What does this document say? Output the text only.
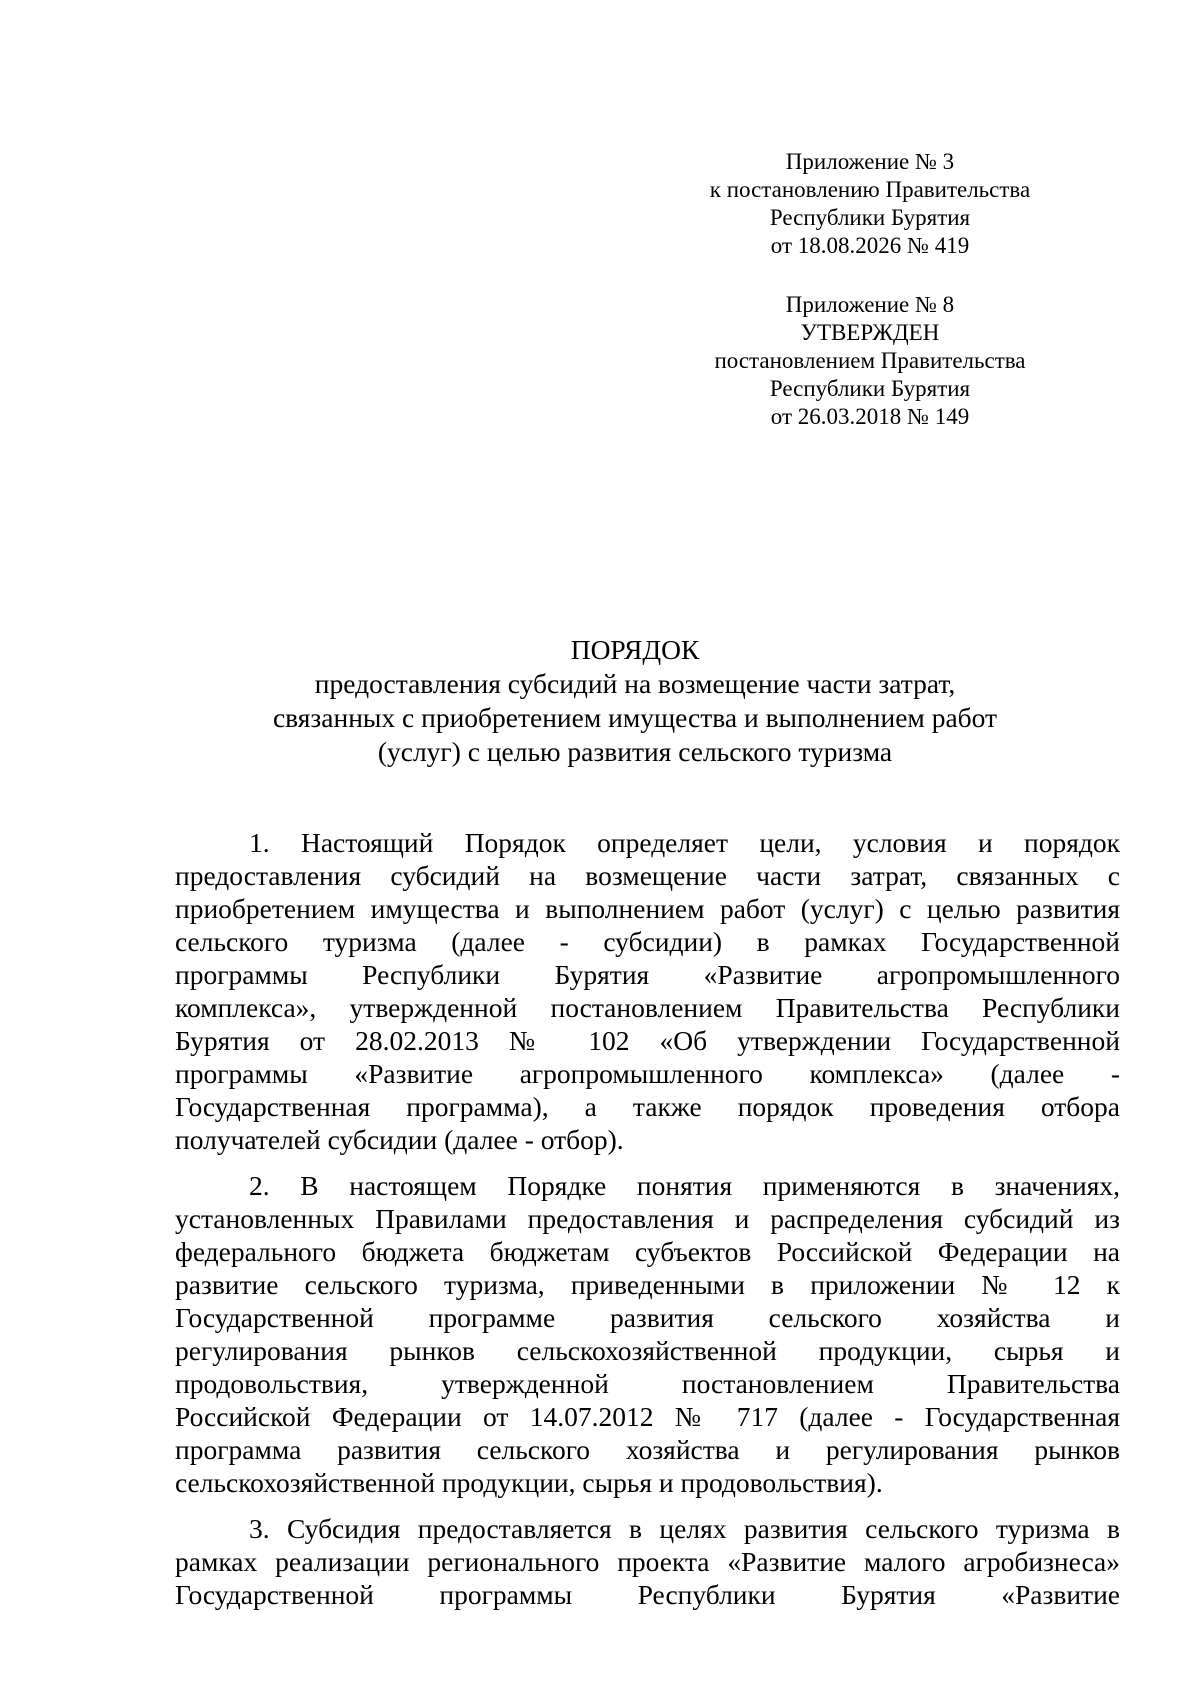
Приложение № 3
к постановлению Правительства
Республики Бурятия
от 18.08.2026 № 419
Приложение № 8
УТВЕРЖДЕН
постановлением Правительства
Республики Бурятия
от 26.03.2018 № 149
ПОРЯДОК
предоставления субсидий на возмещение части затрат,
связанных с приобретением имущества и выполнением работ
(услуг) с целью развития сельского туризма
1. Настоящий Порядок определяет цели, условия и порядок
предоставления субсидий на возмещение части затрат, связанных с
приобретением имущества и выполнением работ (услуг) с целью развития
сельского туризма (далее - субсидии) в рамках Государственной
программы Республики Бурятия «Развитие агропромышленного
комплекса», утвержденной постановлением Правительства Республики
Бурятия от 28.02.2013 № 102 «Об утверждении Государственной
программы «Развитие агропромышленного комплекса» (далее -
Государственная программа), а также порядок проведения отбора
получателей субсидии (далее - отбор).
2. В настоящем Порядке понятия применяются в значениях,
установленных Правилами предоставления и распределения субсидий из
федерального бюджета бюджетам субъектов Российской Федерации на
развитие сельского туризма, приведенными в приложении № 12 к
Государственной программе развития сельского хозяйства и
регулирования рынков сельскохозяйственной продукции, сырья и
продовольствия, утвержденной постановлением Правительства
Российской Федерации от 14.07.2012 № 717 (далее - Государственная
программа развития сельского хозяйства и регулирования рынков
сельскохозяйственной продукции, сырья и продовольствия).
3. Субсидия предоставляется в целях развития сельского туризма в
рамках реализации регионального проекта «Развитие малого агробизнеса»
Государственной программы Республики Бурятия «Развитие
